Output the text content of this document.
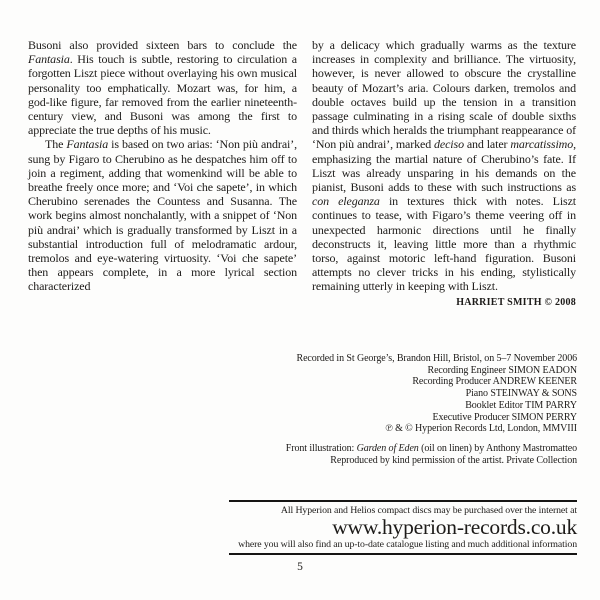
Busoni also provided sixteen bars to conclude the Fantasia. His touch is subtle, restoring to circulation a forgotten Liszt piece without overlaying his own musical personality too emphatically. Mozart was, for him, a god-like figure, far removed from the earlier nineteenth-century view, and Busoni was among the first to appreciate the true depths of his music.

The Fantasia is based on two arias: ‘Non più andrai’, sung by Figaro to Cherubino as he despatches him off to join a regiment, adding that womenkind will be able to breathe freely once more; and ‘Voi che sapete’, in which Cherubino serenades the Countess and Susanna. The work begins almost nonchalantly, with a snippet of ‘Non più andrai’ which is gradually transformed by Liszt in a substantial introduction full of melodramatic ardour, tremolos and eye-watering virtuosity. ‘Voi che sapete’ then appears complete, in a more lyrical section characterized

by a delicacy which gradually warms as the texture increases in complexity and brilliance. The virtuosity, however, is never allowed to obscure the crystalline beauty of Mozart’s aria. Colours darken, tremolos and double octaves build up the tension in a transition passage culminating in a rising scale of double sixths and thirds which heralds the triumphant reappearance of ‘Non più andrai’, marked deciso and later marcatissimo, emphasizing the martial nature of Cherubino’s fate. If Liszt was already unsparing in his demands on the pianist, Busoni adds to these with such instructions as con eleganza in textures thick with notes. Liszt continues to tease, with Figaro’s theme veering off in unexpected harmonic directions until he finally deconstructs it, leaving little more than a rhythmic torso, against motoric left-hand figuration. Busoni attempts no clever tricks in his ending, stylistically remaining utterly in keeping with Liszt.

HARRIET SMITH © 2008
Recorded in St George’s, Brandon Hill, Bristol, on 5–7 November 2006
Recording Engineer SIMON EADON
Recording Producer ANDREW KEENER
Piano STEINWAY & SONS
Booklet Editor TIM PARRY
Executive Producer SIMON PERRY
℗ & © Hyperion Records Ltd, London, MMVIII
Front illustration: Garden of Eden (oil on linen) by Anthony Mastromatteo
Reproduced by kind permission of the artist. Private Collection
All Hyperion and Helios compact discs may be purchased over the internet at
www.hyperion-records.co.uk
where you will also find an up-to-date catalogue listing and much additional information
5
